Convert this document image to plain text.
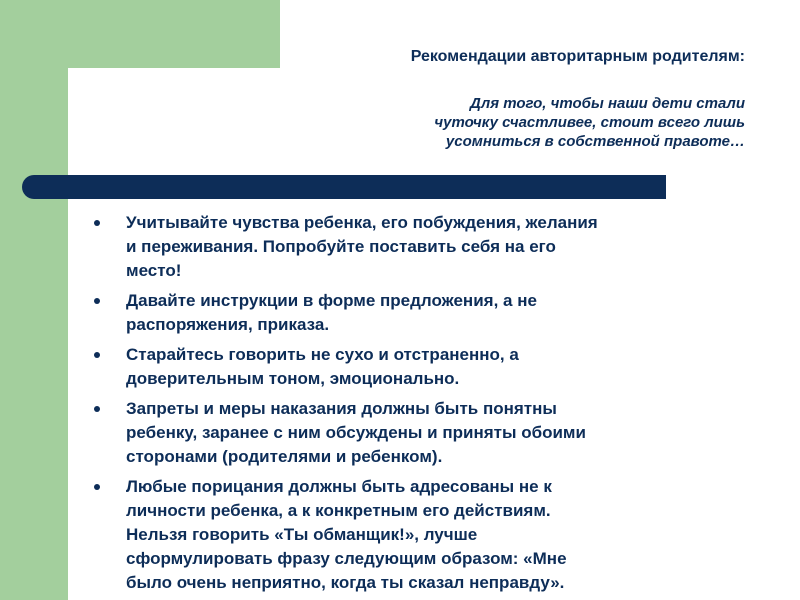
Рекомендации авторитарным родителям:
Для того, чтобы наши дети стали
чуточку счастливее, стоит всего лишь
усомниться в собственной правоте…
Учитывайте чувства ребенка, его побуждения, желания
и переживания. Попробуйте поставить себя на его
место!
Давайте инструкции в форме предложения, а не
распоряжения, приказа.
Старайтесь говорить не сухо и отстраненно, а
доверительным тоном, эмоционально.
Запреты и меры наказания должны быть понятны
ребенку, заранее с ним обсуждены и приняты обоими
сторонами (родителями и ребенком).
Любые порицания должны быть адресованы не к
личности ребенка, а к конкретным его действиям.
Нельзя говорить «Ты обманщик!», лучше
сформулировать фразу следующим образом: «Мне
было очень неприятно, когда ты сказал неправду».
